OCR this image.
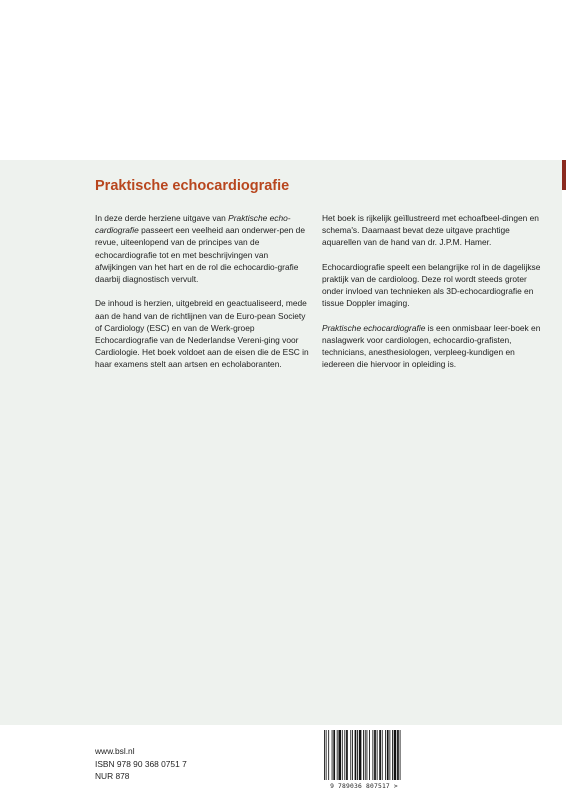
Praktische echocardiografie

In deze derde herziene uitgave van Praktische echo-cardiografie passeert een veelheid aan onderwer-pen de revue, uiteenlopend van de principes van de echocardiografie tot en met beschrijvingen van afwijkingen van het hart en de rol die echocardio-grafie daarbij diagnostisch vervult.

De inhoud is herzien, uitgebreid en geactualiseerd, mede aan de hand van de richtlijnen van de Euro-pean Society of Cardiology (ESC) en van de Werk-groep Echocardiografie van de Nederlandse Vereni-ging voor Cardiologie. Het boek voldoet aan de eisen die de ESC in haar examens stelt aan artsen en echolaboranten.

Het boek is rijkelijk geïllustreerd met echoafbeel-dingen en schema's. Daarnaast bevat deze uitgave prachtige aquarellen van de hand van dr. J.P.M. Hamer.

Echocardiografie speelt een belangrijke rol in de dagelijkse praktijk van de cardioloog. Deze rol wordt steeds groter onder invloed van technieken als 3D-echocardiografie en tissue Doppler imaging.

Praktische echocardiografie is een onmisbaar leer-boek en naslagwerk voor cardiologen, echocardio-grafisten, technicians, anesthesiologen, verpleeg-kundigen en iedereen die hiervoor in opleiding is.

www.bsl.nl
ISBN 978 90 368 0751 7
NUR 878
9 789036 807517 >
